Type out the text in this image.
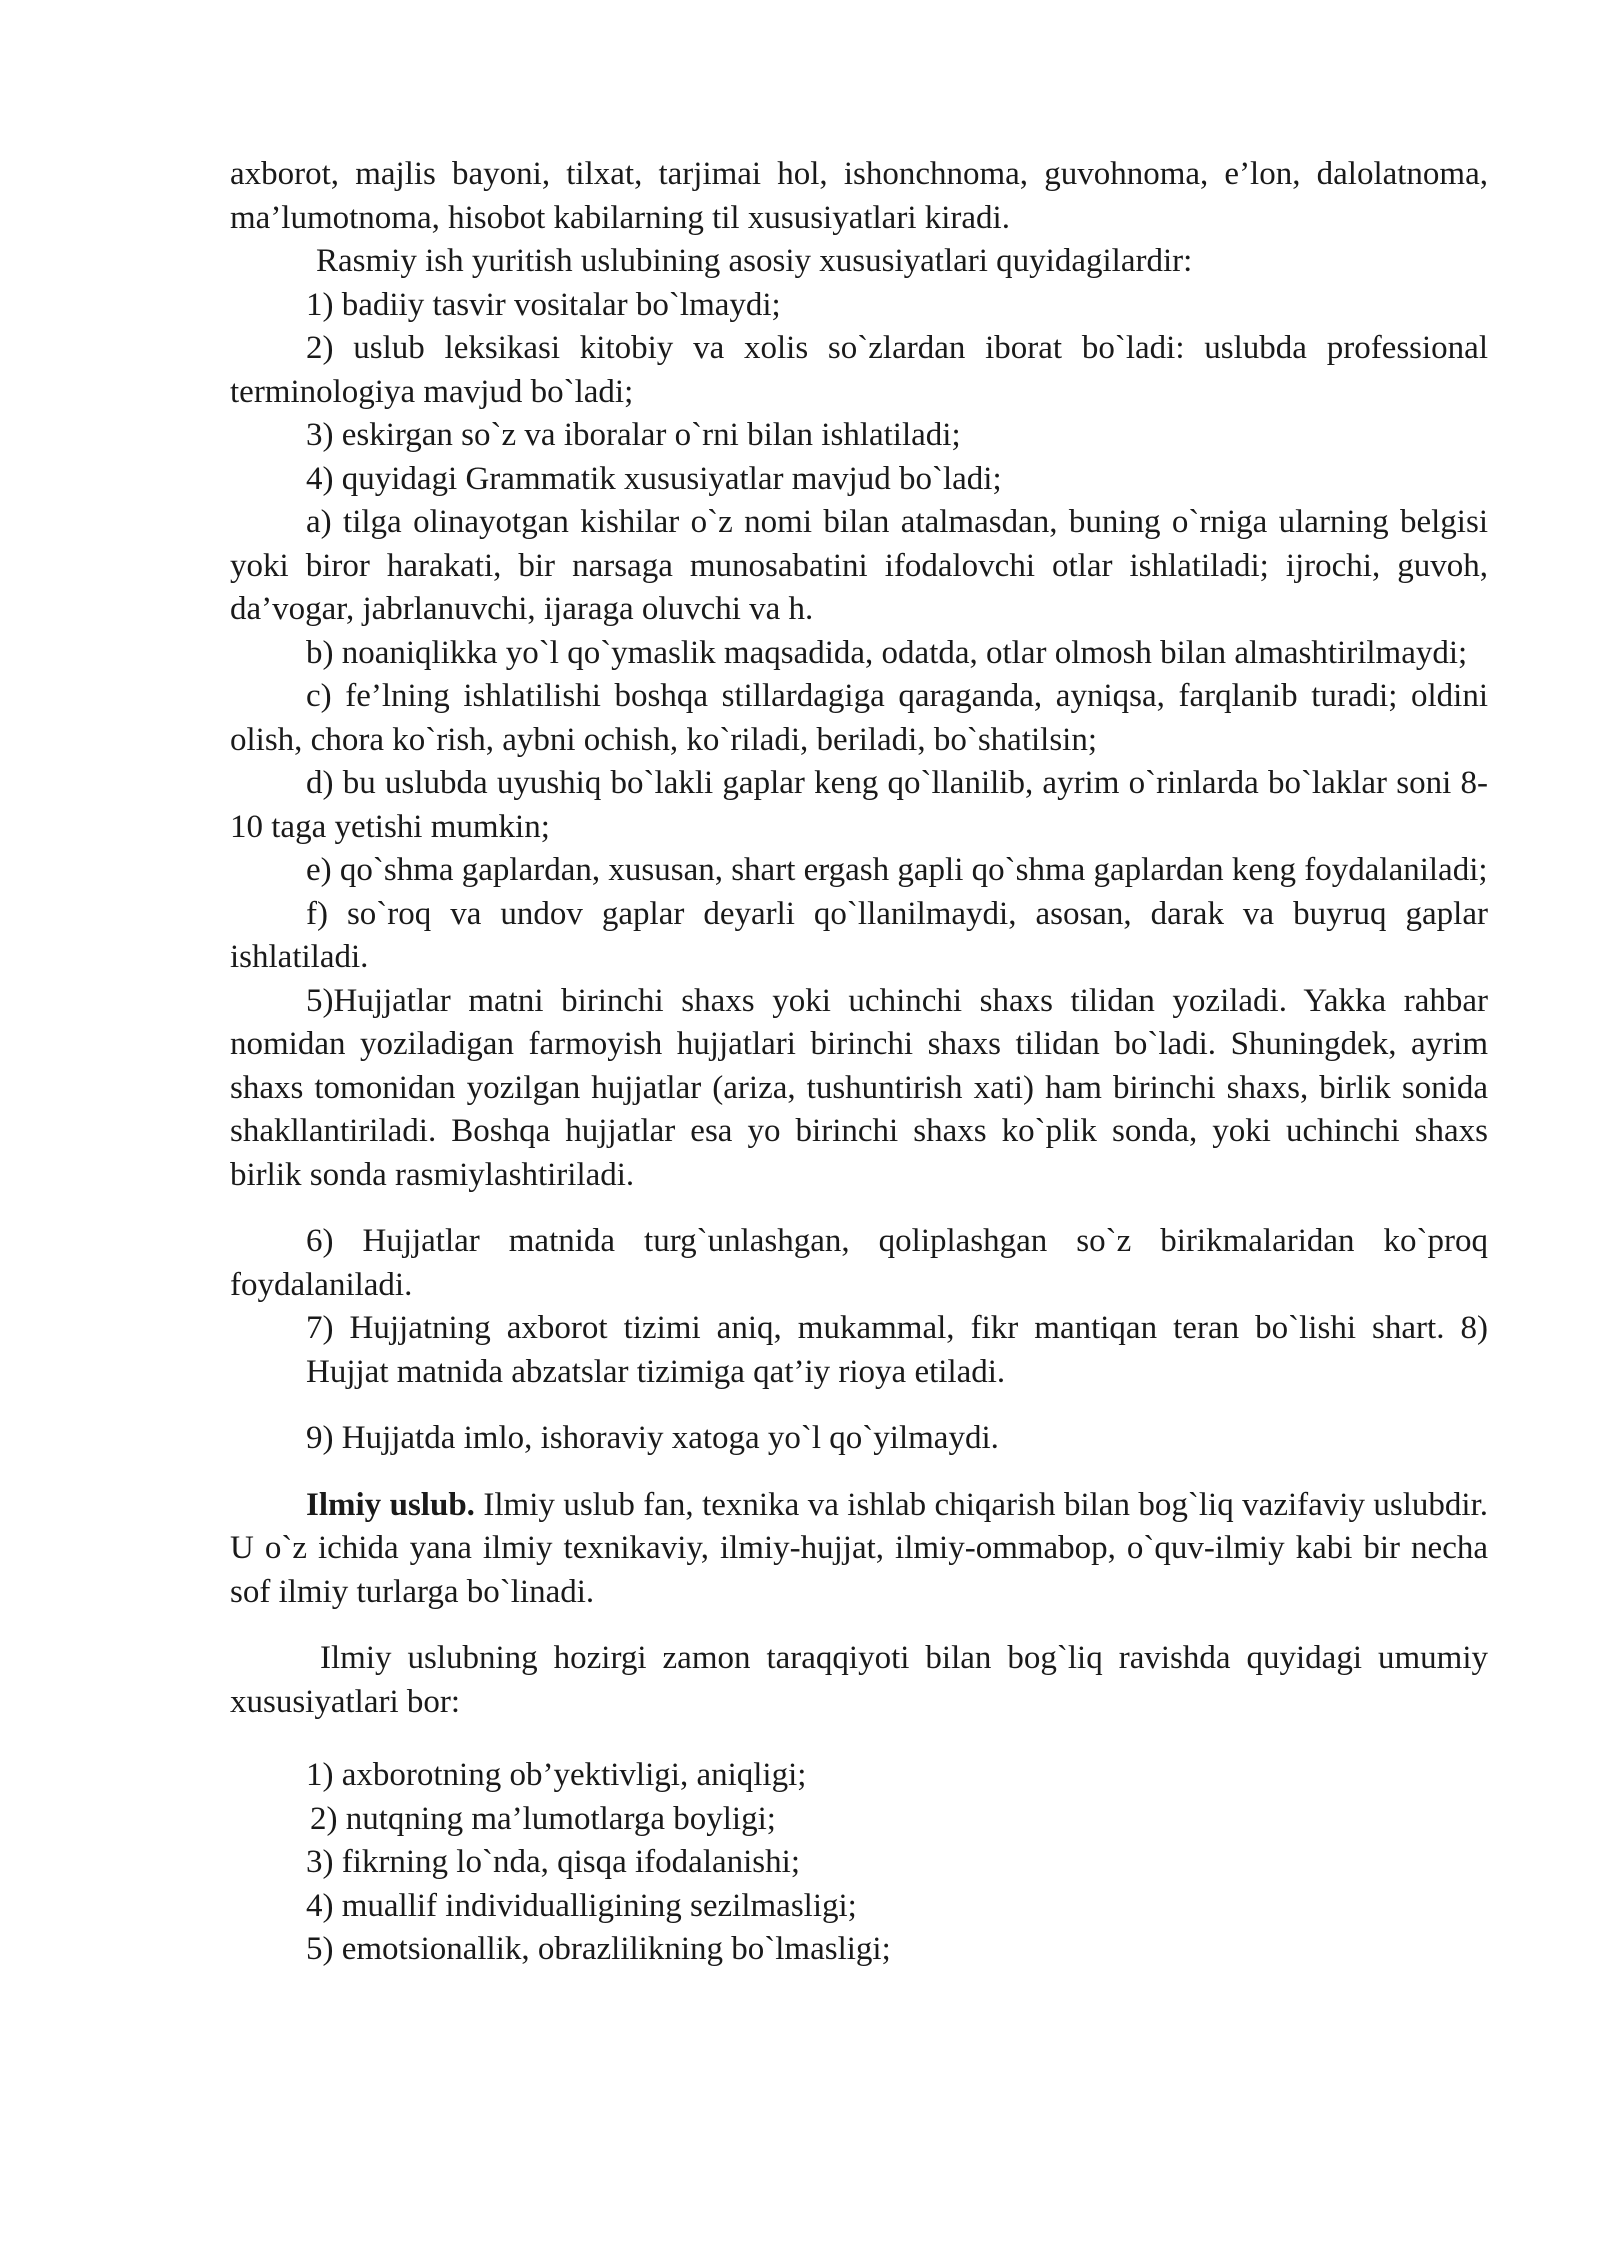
axborot, majlis bayoni, tilxat, tarjimai hol, ishonchnoma, guvohnoma, e’lon, dalolatnoma, ma’lumotnoma, hisobot kabilarning til xususiyatlari kiradi.

Rasmiy ish yuritish uslubining asosiy xususiyatlari quyidagilardir:

1) badiiy tasvir vositalar bo`lmaydi;

2) uslub leksikasi kitobiy va xolis so`zlardan iborat bo`ladi: uslubda professional terminologiya mavjud bo`ladi;

3) eskirgan so`z va iboralar o`rni bilan ishlatiladi;

4) quyidagi Grammatik xususiyatlar mavjud bo`ladi;

a) tilga olinayotgan kishilar o`z nomi bilan atalmasdan, buning o`rniga ularning belgisi yoki biror harakati, bir narsaga munosabatini ifodalovchi otlar ishlatiladi; ijrochi, guvoh, da’vogar, jabrlanuvchi, ijaraga oluvchi va h.

b) noaniqlikka yo`l qo`ymaslik maqsadida, odatda, otlar olmosh bilan almashtirilmaydi;

c) fe’lning ishlatilishi boshqa stillardagiga qaraganda, ayniqsa, farqlanib turadi; oldini olish, chora ko`rish, aybni ochish, ko`riladi, beriladi, bo`shatilsin;

d) bu uslubda uyushiq bo`lakli gaplar keng qo`llanilib, ayrim o`rinlarda bo`laklar soni 8-10 taga yetishi mumkin;

e) qo`shma gaplardan, xususan, shart ergash gapli qo`shma gaplardan keng foydalaniladi;

f) so`roq va undov gaplar deyarli qo`llanilmaydi, asosan, darak va buyruq gaplar ishlatiladi.

5)Hujjatlar matni birinchi shaxs yoki uchinchi shaxs tilidan yoziladi. Yakka rahbar nomidan yoziladigan farmoyish hujjatlari birinchi shaxs tilidan bo`ladi. Shuningdek, ayrim shaxs tomonidan yozilgan hujjatlar (ariza, tushuntirish xati) ham birinchi shaxs, birlik sonida shakllantiriladi. Boshqa hujjatlar esa yo birinchi shaxs ko`plik sonda, yoki uchinchi shaxs birlik sonda rasmiylashtiriladi.

6) Hujjatlar matnida turg`unlashgan, qoliplashgan so`z birikmalaridan ko`proq foydalaniladi.

7) Hujjatning axborot tizimi aniq, mukammal, fikr mantiqan teran bo`lishi shart. 8) Hujjat matnida abzatslar tizimiga qat’iy rioya etiladi.

9) Hujjatda imlo, ishoraviy xatoga yo`l qo`yilmaydi.

Ilmiy uslub. Ilmiy uslub fan, texnika va ishlab chiqarish bilan bog`liq vazifaviy uslubdir. U o`z ichida yana ilmiy texnikaviy, ilmiy-hujjat, ilmiy-ommabop, o`quv-ilmiy kabi bir necha sof ilmiy turlarga bo`linadi.

Ilmiy uslubning hozirgi zamon taraqqiyoti bilan bog`liq ravishda quyidagi umumiy xususiyatlari bor:

1) axborotning ob’yektivligi, aniqligi;

2) nutqning ma’lumotlarga boyligi;

3) fikrning lo`nda, qisqa ifodalanishi;

4) muallif individualligining sezilmasligi;

5) emotsionallik, obrazlilikning bo`lmasligi;
